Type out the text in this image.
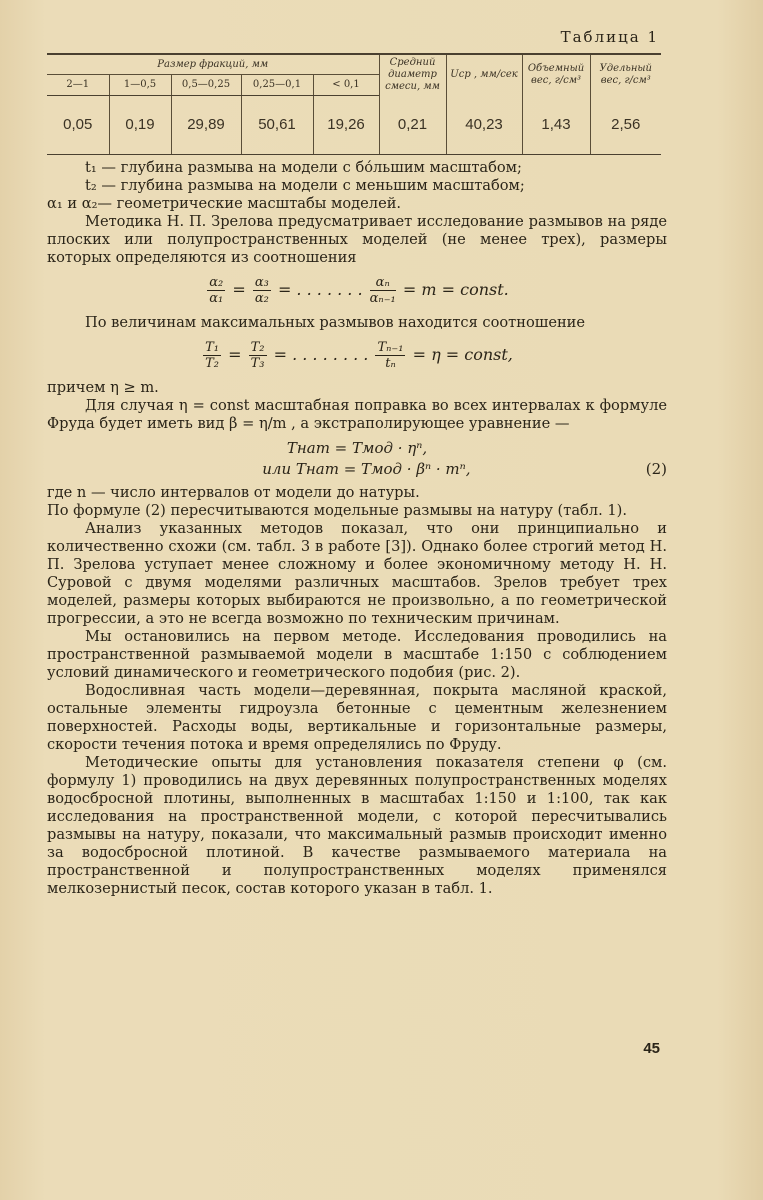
Таблица 1
Размер фракций, мм					Средний диаметр смеси, мм	Uср , мм/сек	Объемный вес, г/см³	Удельный вес, г/см³
2—1	1—0,5	0,5—0,25	0,25—0,1	< 0,1				
0,05	0,19	29,89	50,61	19,26	0,21	40,23	1,43	2,56

t₁ — глубина размыва на модели с бо́льшим масштабом;

t₂ — глубина размыва на модели с меньшим масштабом;

α₁ и α₂— геометрические масштабы моделей.

Методика Н. П. Зрелова предусматривает исследование размывов на ряде плоских или полупространственных моделей (не менее трех), размеры которых определяются из соотношения

$\frac{\text{α₂}}{\text{α₁}} = \frac{\text{α₃}}{\text{α₂}}$ = . . . . . . . $\frac{\text{αₙ}}{\text{αₙ₋₁}} = m$ = const.

По величинам максимальных размывов находится соотношение

$\frac{\text{T₁}}{\text{T₂}} = \frac{\text{T₂}}{\text{T₃}}$ = . . . . . . . . $\frac{\text{Tₙ₋₁}}{\text{tₙ}} = \eta$ = const,

причем η ≥ m.

Для случая η = const масштабная поправка во всех интервалах к формуле Фруда будет иметь вид β = η/m , а экстраполирующее уравнение —

Tнат = Tмод · ηⁿ,
или Tнат = Tмод · βⁿ · mⁿ,	(2)

где n — число интервалов от модели до натуры.

По формуле (2) пересчитываются модельные размывы на натуру (табл. 1).

Анализ указанных методов показал, что они принципиально и количественно схожи (см. табл. 3 в работе [3]). Однако более строгий метод Н. П. Зрелова уступает менее сложному и более экономичному методу Н. Н. Суровой с двумя моделями различных масштабов. Зрелов требует трех моделей, размеры которых выбираются не произвольно, а по геометрической прогрессии, а это не всегда возможно по техническим причинам.

Мы остановились на первом методе. Исследования проводились на пространственной размываемой модели в масштабе 1:150 с соблюдением условий динамического и геометрического подобия (рис. 2).

Водосливная часть модели—деревянная, покрыта масляной краской, остальные элементы гидроузла бетонные с цементным железнением поверхностей. Расходы воды, вертикальные и горизонтальные размеры, скорости течения потока и время определялись по Фруду.

Методические опыты для установления показателя степени φ (см. формулу 1) проводились на двух деревянных полупространственных моделях водосбросной плотины, выполненных в масштабах 1:150 и 1:100, так как исследования на пространственной модели, с которой пересчитывались размывы на натуру, показали, что максимальный размыв происходит именно за водосбросной плотиной. В качестве размываемого материала на пространственной и полупространственных моделях применялся мелкозернистый песок, состав которого указан в табл. 1.

45
